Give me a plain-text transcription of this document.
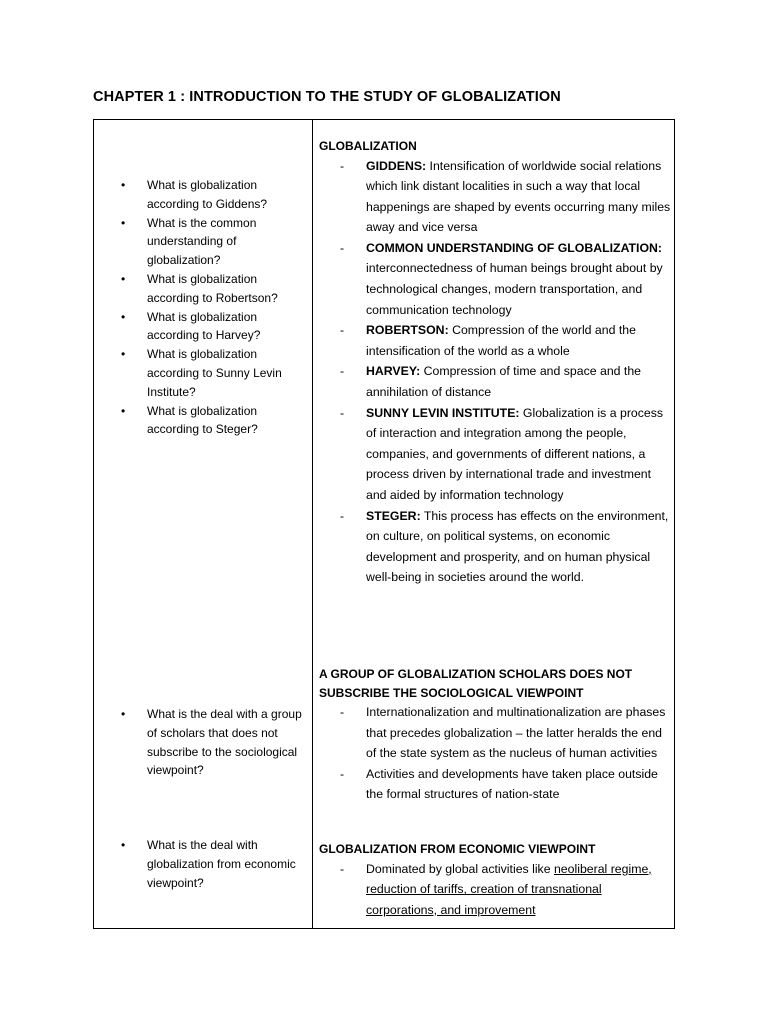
CHAPTER 1 : INTRODUCTION TO THE STUDY OF GLOBALIZATION
• What is globalization according to Giddens?
• What is the common understanding of globalization?
• What is globalization according to Robertson?
• What is globalization according to Harvey?
• What is globalization according to Sunny Levin Institute?
• What is globalization according to Steger?
• What is the deal with a group of scholars that does not subscribe to the sociological viewpoint?
• What is the deal with globalization from economic viewpoint?
GLOBALIZATION
- GIDDENS: Intensification of worldwide social relations which link distant localities in such a way that local happenings are shaped by events occurring many miles away and vice versa
- COMMON UNDERSTANDING OF GLOBALIZATION: interconnectedness of human beings brought about by technological changes, modern transportation, and communication technology
- ROBERTSON: Compression of the world and the intensification of the world as a whole
- HARVEY: Compression of time and space and the annihilation of distance
- SUNNY LEVIN INSTITUTE: Globalization is a process of interaction and integration among the people, companies, and governments of different nations, a process driven by international trade and investment and aided by information technology
- STEGER: This process has effects on the environment, on culture, on political systems, on economic development and prosperity, and on human physical well-being in societies around the world.
A GROUP OF GLOBALIZATION SCHOLARS DOES NOT SUBSCRIBE THE SOCIOLOGICAL VIEWPOINT
- Internationalization and multinationalization are phases that precedes globalization – the latter heralds the end of the state system as the nucleus of human activities
- Activities and developments have taken place outside the formal structures of nation-state
GLOBALIZATION FROM ECONOMIC VIEWPOINT
- Dominated by global activities like neoliberal regime, reduction of tariffs, creation of transnational corporations, and improvement
